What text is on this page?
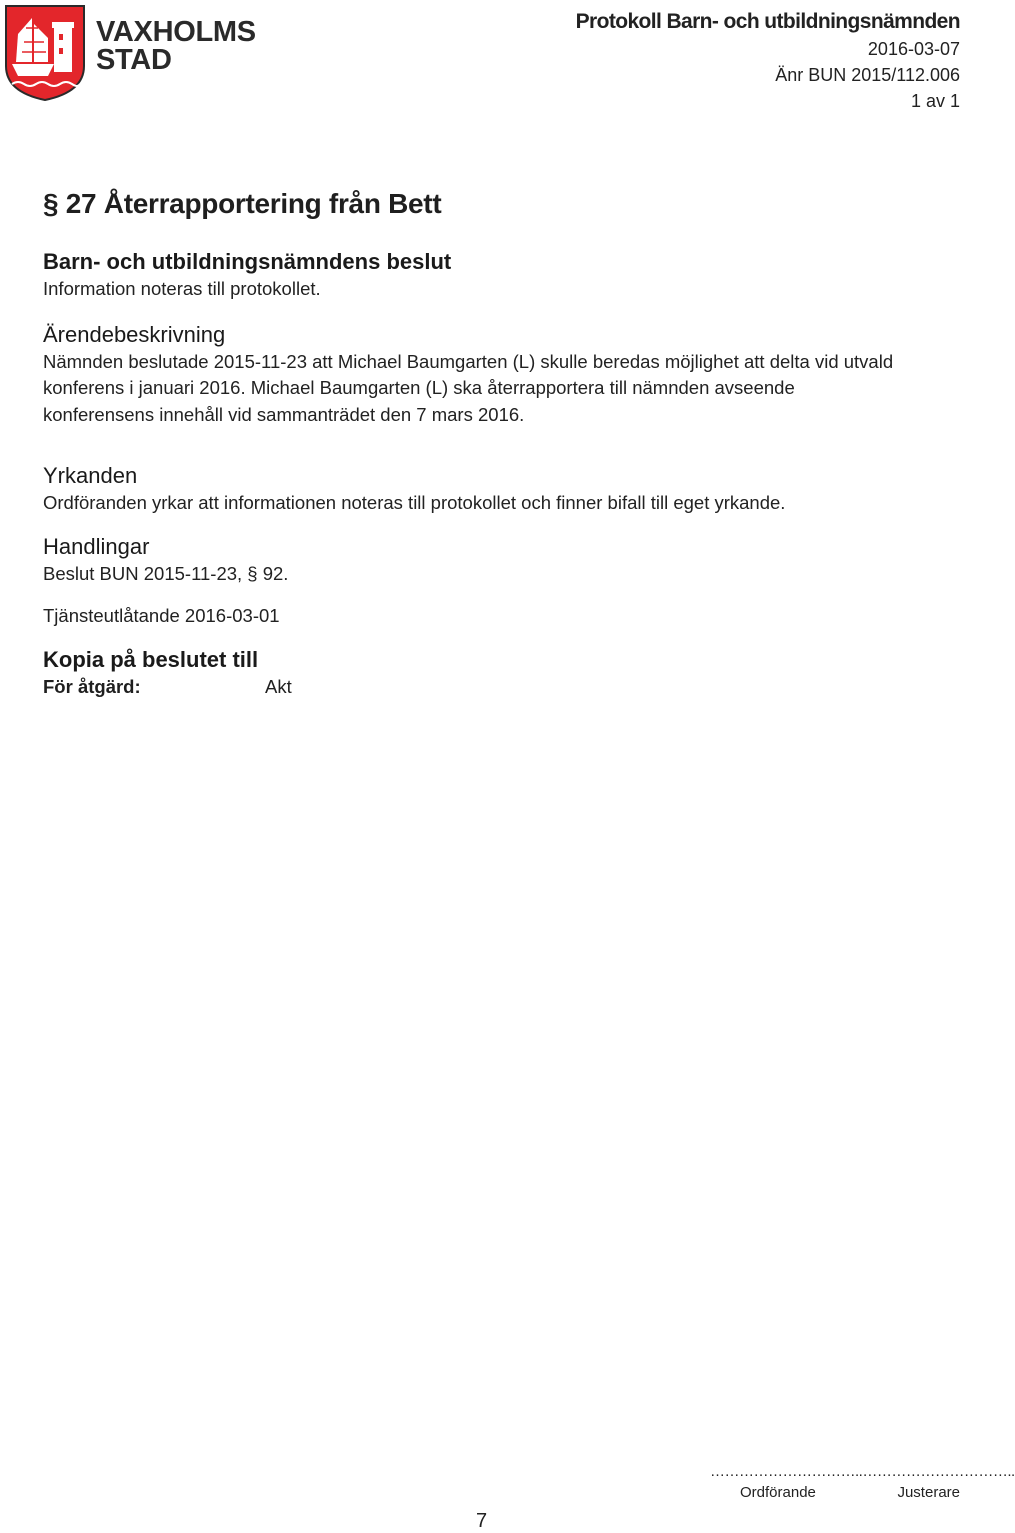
VAXHOLMS
STAD
Protokoll Barn- och utbildningsnämnden
2016-03-07
Änr BUN 2015/112.006
1 av 1
§ 27 Återrapportering från Bett
Barn- och utbildningsnämndens beslut

Information noteras till protokollet.

Ärendebeskrivning

Nämnden beslutade 2015-11-23 att Michael Baumgarten (L) skulle beredas möjlighet att delta vid utvald

konferens i januari 2016. Michael Baumgarten (L) ska återrapportera till nämnden avseende

konferensens innehåll vid sammanträdet den 7 mars 2016.

Yrkanden

Ordföranden yrkar att informationen noteras till protokollet och finner bifall till eget yrkande.

Handlingar

Beslut BUN 2015-11-23, § 92.

Tjänsteutlåtande 2016-03-01

Kopia på beslutet till
För åtgärd:	Akt
………………………….. …………………………..
Ordförande	Justerare
7
